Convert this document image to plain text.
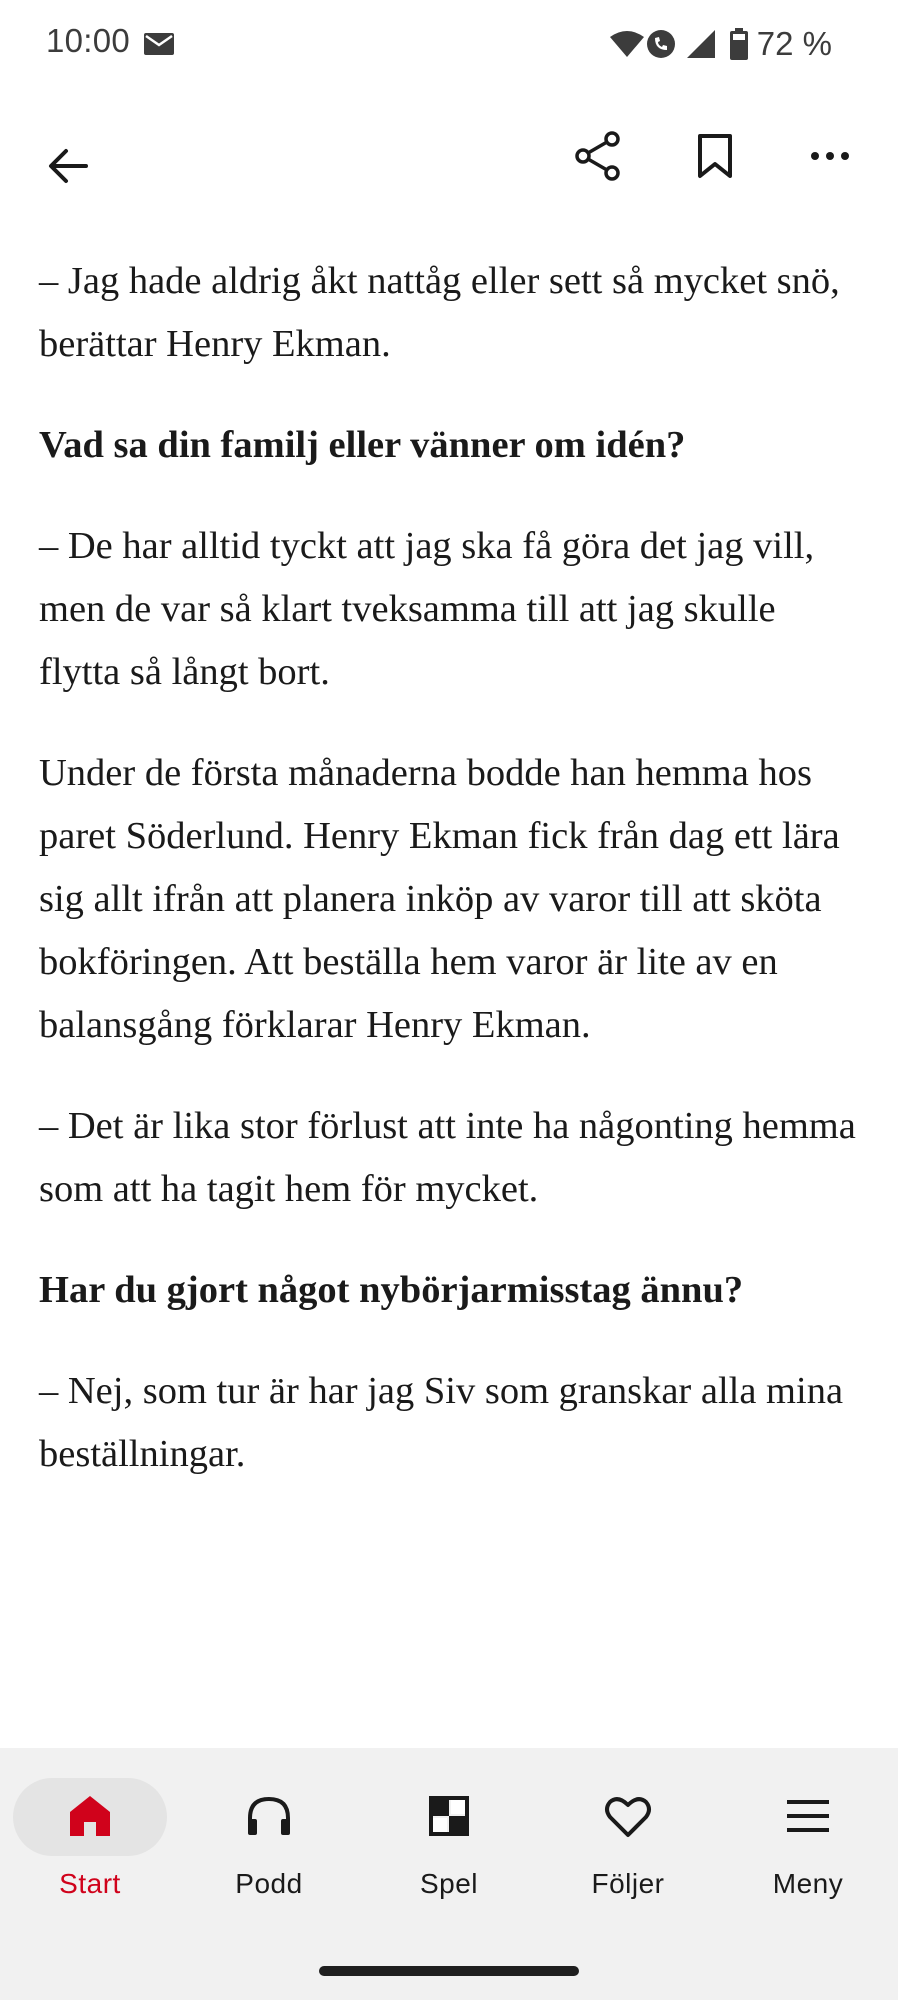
10:00	72 %

– Jag hade aldrig åkt nattåg eller sett så mycket snö, berättar Henry Ekman.

Vad sa din familj eller vänner om idén?

– De har alltid tyckt att jag ska få göra det jag vill, men de var så klart tveksamma till att jag skulle flytta så långt bort.

Under de första månaderna bodde han hemma hos paret Söderlund. Henry Ekman fick från dag ett lära sig allt ifrån att planera inköp av varor till att sköta bokföringen. Att beställa hem varor är lite av en balansgång förklarar Henry Ekman.

– Det är lika stor förlust att inte ha någonting hemma som att ha tagit hem för mycket.

Har du gjort något nybörjarmisstag ännu?

– Nej, som tur är har jag Siv som granskar alla mina beställningar.

Start	Podd	Spel	Följer	Meny
